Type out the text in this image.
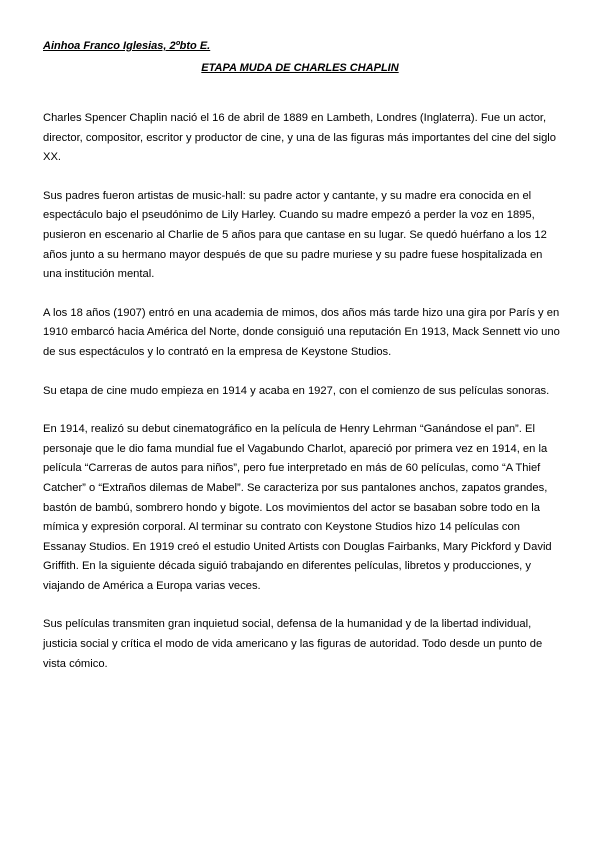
Ainhoa Franco Iglesias, 2ºbto E.
ETAPA MUDA DE CHARLES CHAPLIN

Charles Spencer Chaplin nació el 16 de abril de 1889 en Lambeth, Londres (Inglaterra). Fue un actor, director, compositor, escritor y productor de cine, y una de las figuras más importantes del cine del siglo XX.

Sus padres fueron artistas de music-hall: su padre actor y cantante, y su madre era conocida en el espectáculo bajo el pseudónimo de Lily Harley. Cuando su madre empezó a perder la voz en 1895, pusieron en escenario al Charlie de 5 años para que cantase en su lugar. Se quedó huérfano a los 12 años junto a su hermano mayor después de que su padre muriese y su padre fuese hospitalizada en una institución mental.

A los 18 años (1907) entró en una academia de mimos, dos años más tarde hizo una gira por París y en 1910 embarcó hacia América del Norte, donde consiguió una reputación En 1913, Mack Sennett vio uno de sus espectáculos y lo contrató en la empresa de Keystone Studios.

Su etapa de cine mudo empieza en 1914 y acaba en 1927, con el comienzo de sus películas sonoras.

En 1914, realizó su debut cinematográfico en la película de Henry Lehrman “Ganándose el pan”. El personaje que le dio fama mundial fue el Vagabundo Charlot, apareció por primera vez en 1914, en la película “Carreras de autos para niños”, pero fue interpretado en más de 60 películas, como “A Thief Catcher” o “Extraños dilemas de Mabel”. Se caracteriza por sus pantalones anchos, zapatos grandes, bastón de bambú, sombrero hondo y bigote. Los movimientos del actor se basaban sobre todo en la mímica y expresión corporal. Al terminar su contrato con Keystone Studios hizo 14 películas con Essanay Studios. En 1919 creó el estudio United Artists con Douglas Fairbanks, Mary Pickford y David Griffith. En la siguiente década siguió trabajando en diferentes películas, libretos y producciones, y viajando de América a Europa varias veces.

Sus películas transmiten gran inquietud social, defensa de la humanidad y de la libertad individual, justicia social y crítica el modo de vida americano y las figuras de autoridad. Todo desde un punto de vista cómico.
